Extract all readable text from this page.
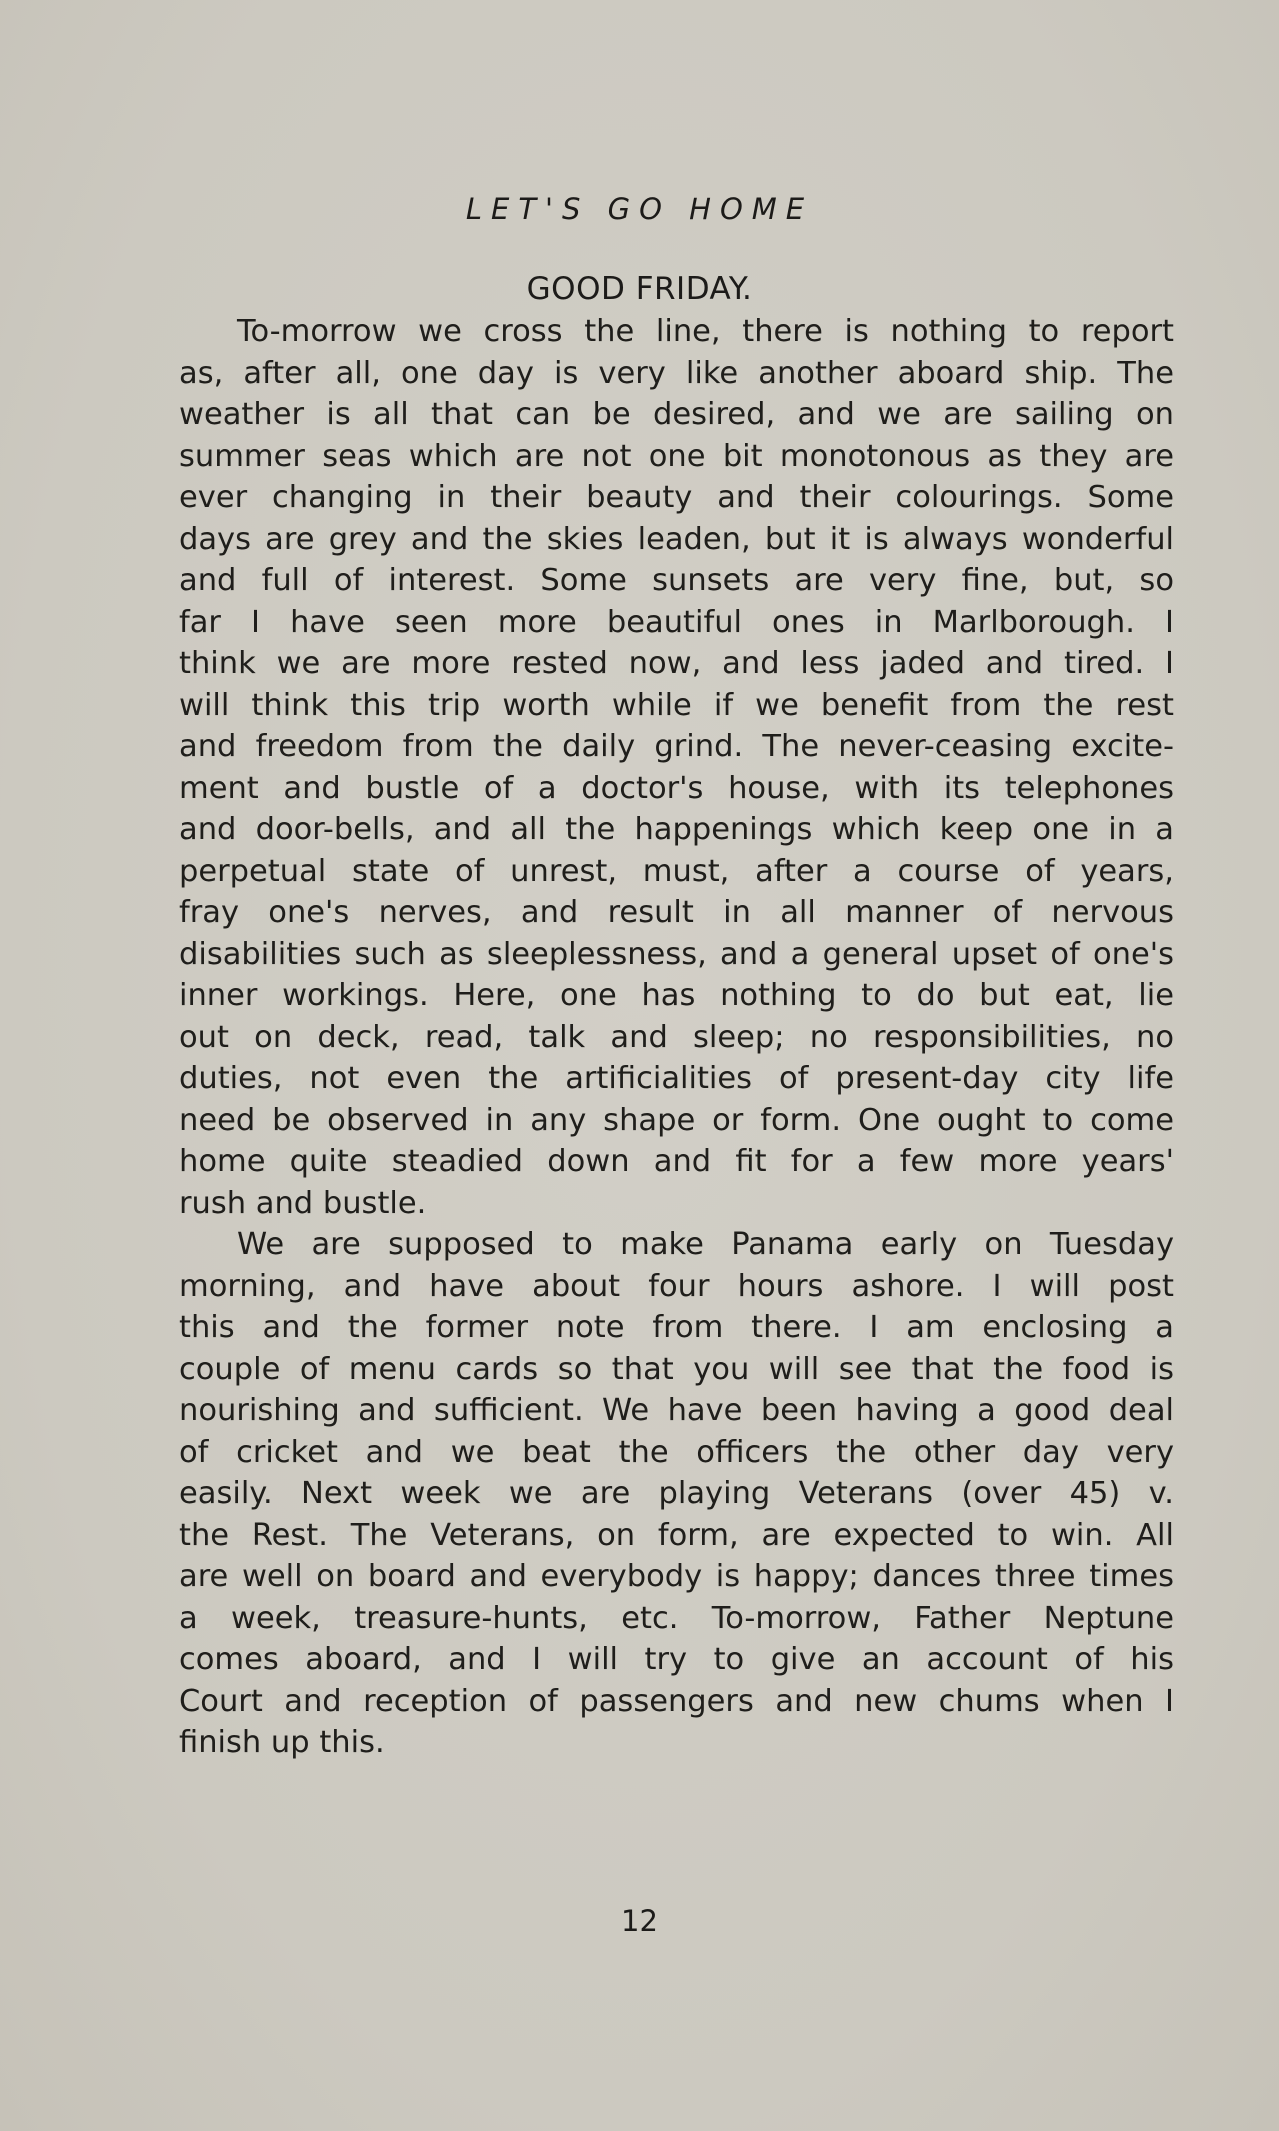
LET'S GO HOME
GOOD FRIDAY.
To-morrow we cross the line, there is nothing to report
as, after all, one day is very like another aboard ship. The
weather is all that can be desired, and we are sailing on
summer seas which are not one bit monotonous as they are
ever changing in their beauty and their colourings. Some
days are grey and the skies leaden, but it is always wonderful
and full of interest. Some sunsets are very fine, but, so
far I have seen more beautiful ones in Marlborough. I
think we are more rested now, and less jaded and tired. I
will think this trip worth while if we benefit from the rest
and freedom from the daily grind. The never-ceasing excite-
ment and bustle of a doctor's house, with its telephones
and door-bells, and all the happenings which keep one in a
perpetual state of unrest, must, after a course of years,
fray one's nerves, and result in all manner of nervous
disabilities such as sleeplessness, and a general upset of one's
inner workings. Here, one has nothing to do but eat, lie
out on deck, read, talk and sleep; no responsibilities, no
duties, not even the artificialities of present-day city life
need be observed in any shape or form. One ought to come
home quite steadied down and fit for a few more years'
rush and bustle.
We are supposed to make Panama early on Tuesday
morning, and have about four hours ashore. I will post
this and the former note from there. I am enclosing a
couple of menu cards so that you will see that the food is
nourishing and sufficient. We have been having a good deal
of cricket and we beat the officers the other day very
easily. Next week we are playing Veterans (over 45) v.
the Rest. The Veterans, on form, are expected to win. All
are well on board and everybody is happy; dances three times
a week, treasure-hunts, etc. To-morrow, Father Neptune
comes aboard, and I will try to give an account of his
Court and reception of passengers and new chums when I
finish up this.
12
